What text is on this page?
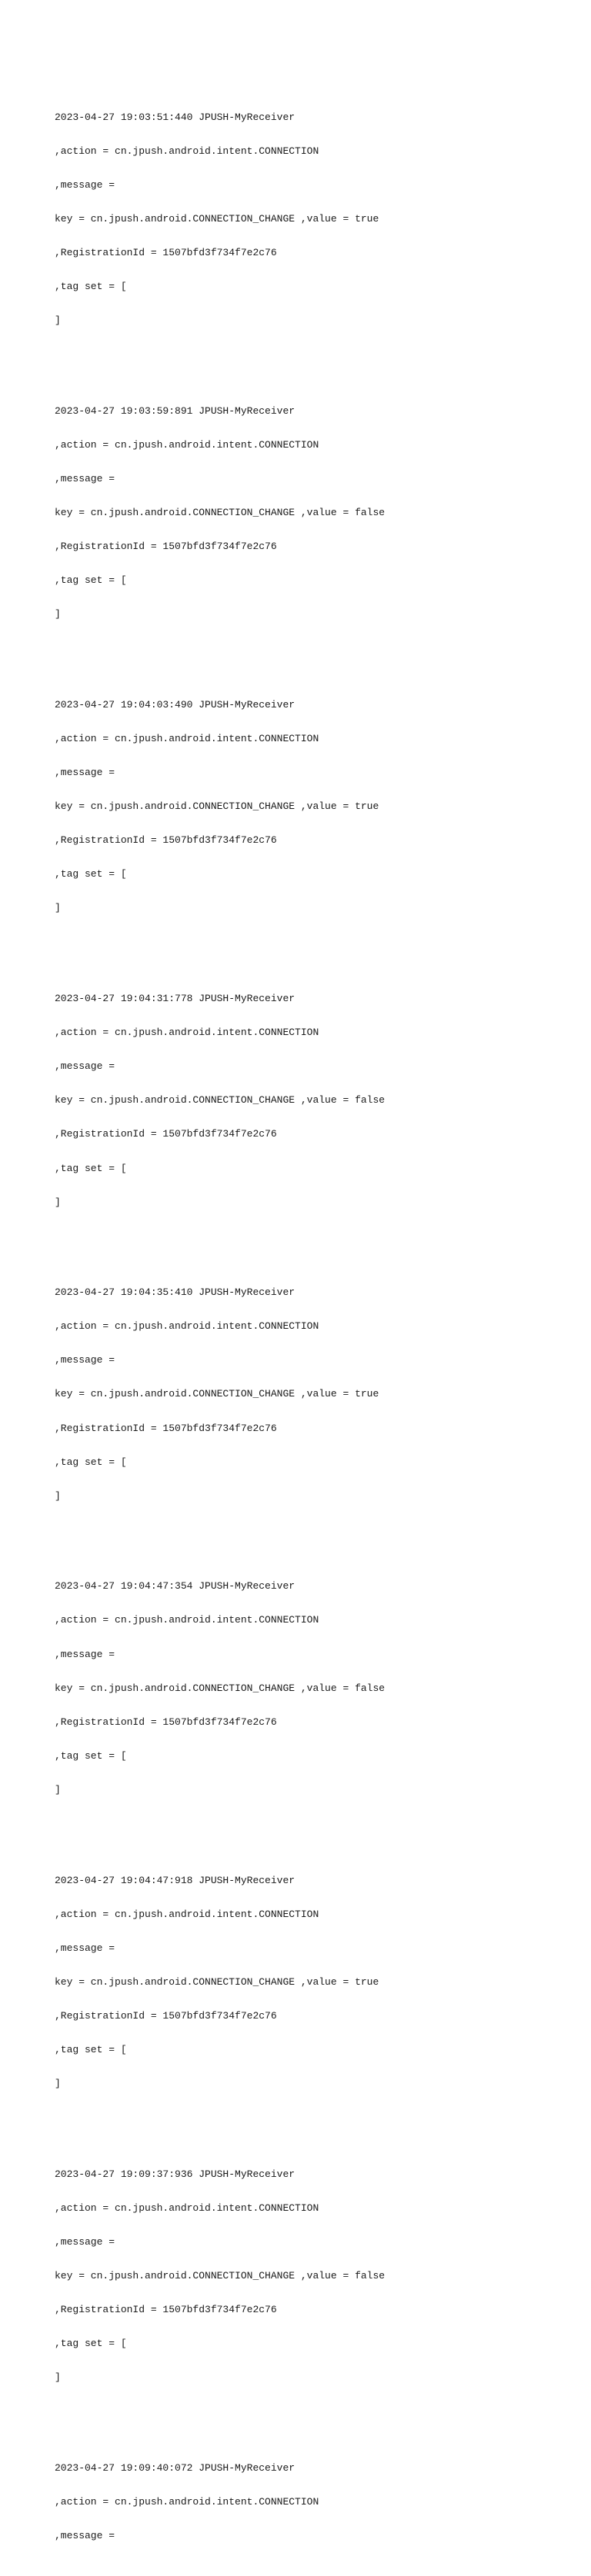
2023-04-27 19:03:51:440 JPUSH-MyReceiver

,action = cn.jpush.android.intent.CONNECTION

,message =

key = cn.jpush.android.CONNECTION_CHANGE ,value = true

,RegistrationId = 1507bfd3f734f7e2c76

,tag set = [

]

2023-04-27 19:03:59:891 JPUSH-MyReceiver

,action = cn.jpush.android.intent.CONNECTION

,message =

key = cn.jpush.android.CONNECTION_CHANGE ,value = false

,RegistrationId = 1507bfd3f734f7e2c76

,tag set = [

]

2023-04-27 19:04:03:490 JPUSH-MyReceiver

,action = cn.jpush.android.intent.CONNECTION

,message =

key = cn.jpush.android.CONNECTION_CHANGE ,value = true

,RegistrationId = 1507bfd3f734f7e2c76

,tag set = [

]

2023-04-27 19:04:31:778 JPUSH-MyReceiver

,action = cn.jpush.android.intent.CONNECTION

,message =

key = cn.jpush.android.CONNECTION_CHANGE ,value = false

,RegistrationId = 1507bfd3f734f7e2c76

,tag set = [

]

2023-04-27 19:04:35:410 JPUSH-MyReceiver

,action = cn.jpush.android.intent.CONNECTION

,message =

key = cn.jpush.android.CONNECTION_CHANGE ,value = true

,RegistrationId = 1507bfd3f734f7e2c76

,tag set = [

]

2023-04-27 19:04:47:354 JPUSH-MyReceiver

,action = cn.jpush.android.intent.CONNECTION

,message =

key = cn.jpush.android.CONNECTION_CHANGE ,value = false

,RegistrationId = 1507bfd3f734f7e2c76

,tag set = [

]

2023-04-27 19:04:47:918 JPUSH-MyReceiver

,action = cn.jpush.android.intent.CONNECTION

,message =

key = cn.jpush.android.CONNECTION_CHANGE ,value = true

,RegistrationId = 1507bfd3f734f7e2c76

,tag set = [

]

2023-04-27 19:09:37:936 JPUSH-MyReceiver

,action = cn.jpush.android.intent.CONNECTION

,message =

key = cn.jpush.android.CONNECTION_CHANGE ,value = false

,RegistrationId = 1507bfd3f734f7e2c76

,tag set = [

]

2023-04-27 19:09:40:072 JPUSH-MyReceiver

,action = cn.jpush.android.intent.CONNECTION

,message =
